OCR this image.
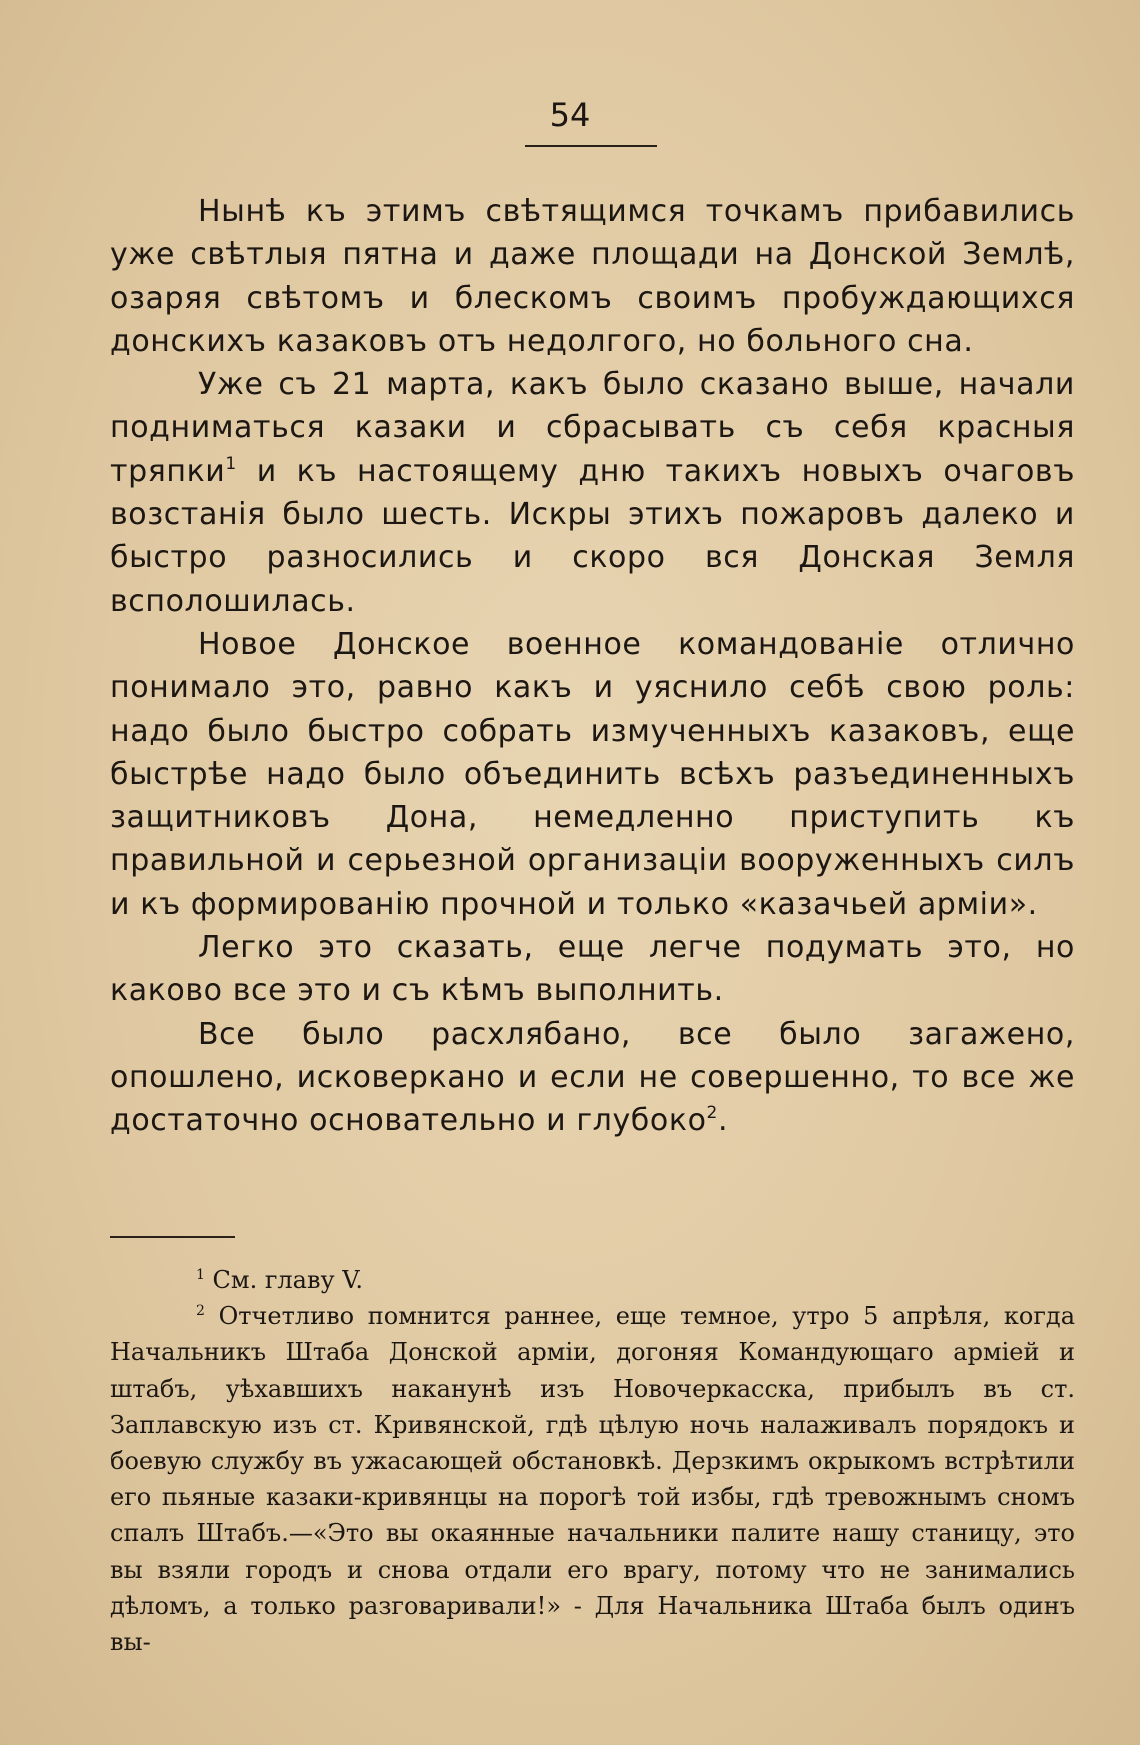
54

Нынѣ къ этимъ свѣтящимся точкамъ прибавились уже свѣтлыя пятна и даже площади на Донской Землѣ, озаряя свѣтомъ и блескомъ своимъ пробуждающихся донскихъ казаковъ отъ недолгого, но больного сна.

Уже съ 21 марта, какъ было сказано выше, начали подниматься казаки и сбрасывать съ себя красныя тряпки$^1$ и къ настоящему дню такихъ новыхъ очаговъ возстанія было шесть. Искры этихъ пожаровъ далеко и быстро разносились и скоро вся Донская Земля всполошилась.

Новое Донское военное командованіе отлично понимало это, равно какъ и уяснило себѣ свою роль: надо было быстро собрать измученныхъ казаковъ, еще быстрѣе надо было объединить всѣхъ разъединенныхъ защитниковъ Дона, немедленно приступить къ правильной и серьезной организаціи вооруженныхъ силъ и къ формированію прочной и только «казачьей арміи».

Легко это сказать, еще легче подумать это, но каково все это и съ кѣмъ выполнить.

Все было расхлябано, все было загажено, опошлено, исковеркано и если не совершенно, то все же достаточно основательно и глубоко$^2$.

$^1$ См. главу V.

$^2$ Отчетливо помнится раннее, еще темное, утро 5 апрѣля, когда Начальникъ Штаба Донской арміи, догоняя Командующаго арміей и штабъ, уѣхавшихъ наканунѣ изъ Новочеркасска, прибылъ въ ст. Заплавскую изъ ст. Кривянской, гдѣ цѣлую ночь налаживалъ порядокъ и боевую службу въ ужасающей обстановкѣ. Дерзкимъ окрыкомъ встрѣтили его пьяные казаки-кривянцы на порогѣ той избы, гдѣ тревожнымъ сномъ спалъ Штабъ.—«Это вы окаянные начальники палите нашу станицу, это вы взяли городъ и снова отдали его врагу, потому что не занимались дѣломъ, а только разговаривали!» - Для Начальника Штаба былъ одинъ вы-
